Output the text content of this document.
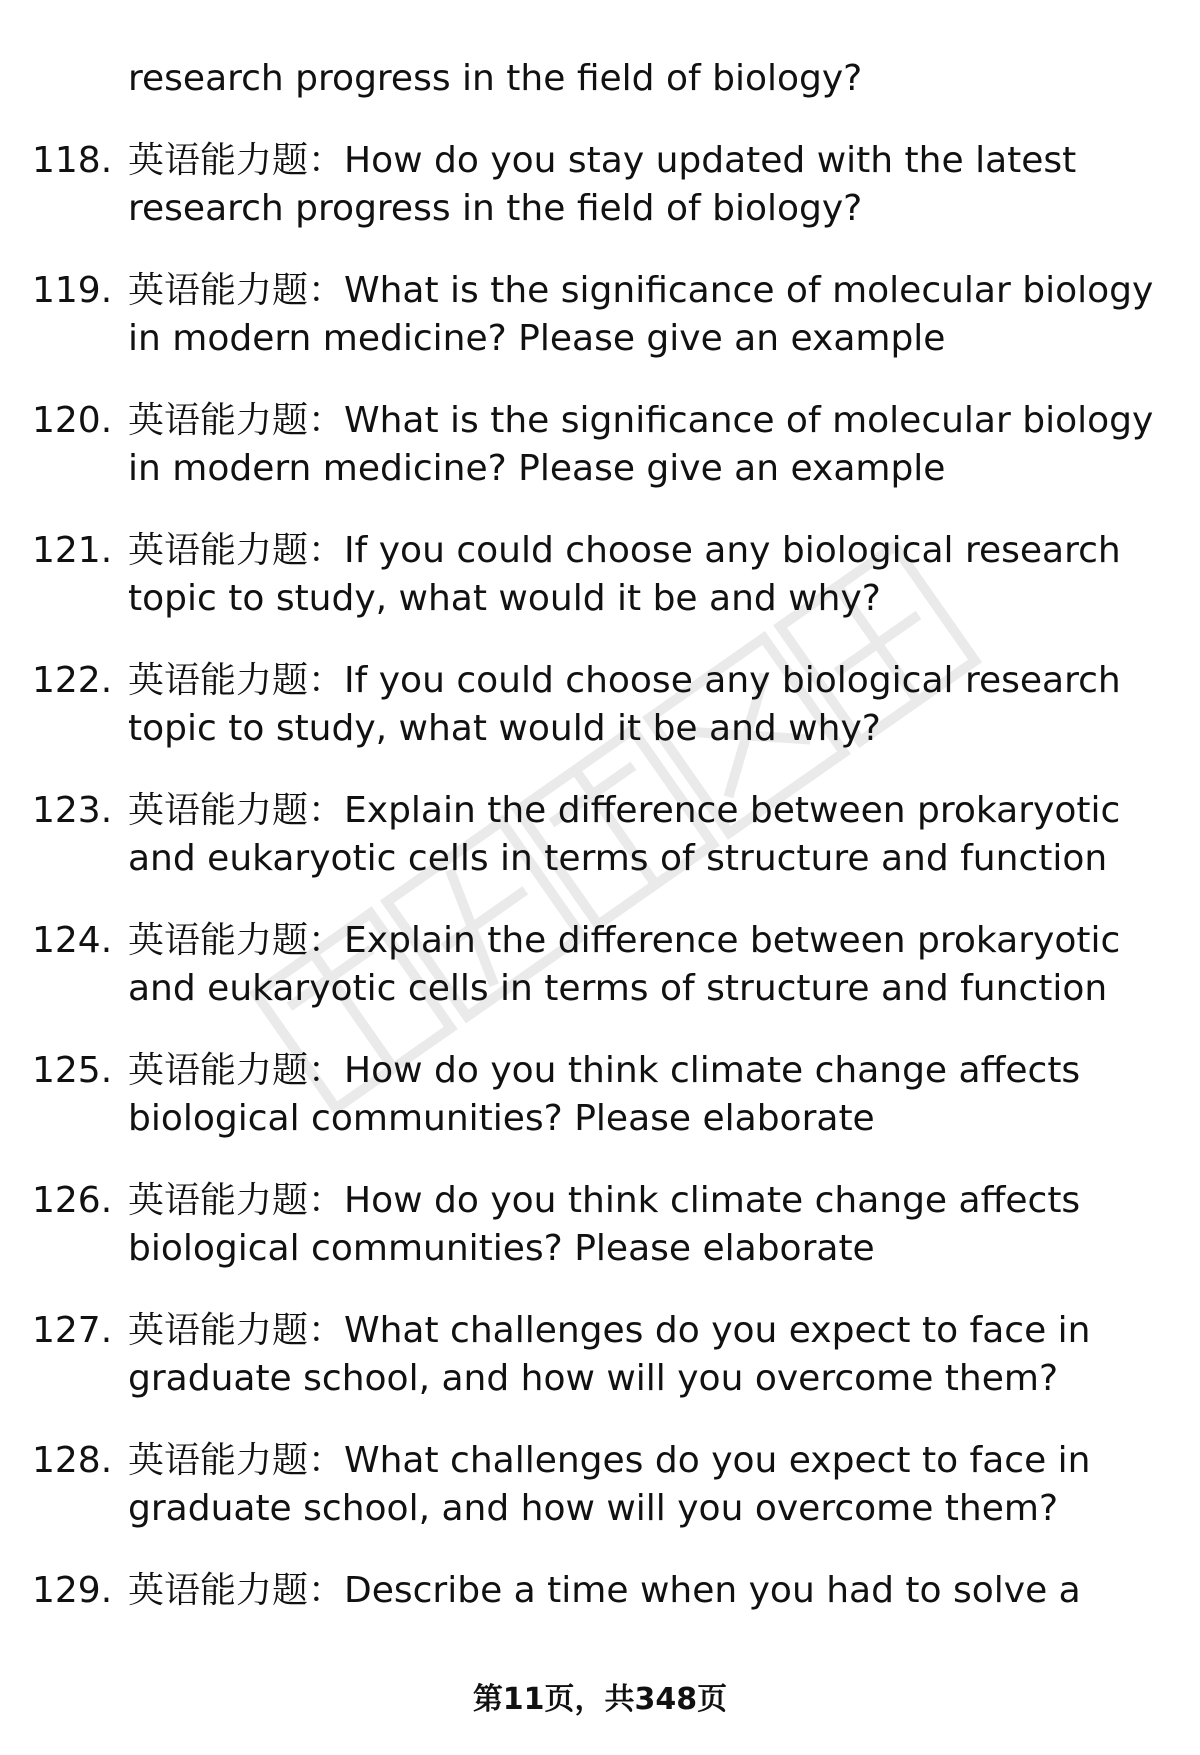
research progress in the field of biology?
118. 英语能力题：How do you stay updated with the latest research progress in the field of biology?
119. 英语能力题：What is the significance of molecular biology in modern medicine? Please give an example
120. 英语能力题：What is the significance of molecular biology in modern medicine? Please give an example
121. 英语能力题：If you could choose any biological research topic to study, what would it be and why?
122. 英语能力题：If you could choose any biological research topic to study, what would it be and why?
123. 英语能力题：Explain the difference between prokaryotic and eukaryotic cells in terms of structure and function
124. 英语能力题：Explain the difference between prokaryotic and eukaryotic cells in terms of structure and function
125. 英语能力题：How do you think climate change affects biological communities? Please elaborate
126. 英语能力题：How do you think climate change affects biological communities? Please elaborate
127. 英语能力题：What challenges do you expect to face in graduate school, and how will you overcome them?
128. 英语能力题：What challenges do you expect to face in graduate school, and how will you overcome them?
129. 英语能力题：Describe a time when you had to solve a
第11页，共348页
